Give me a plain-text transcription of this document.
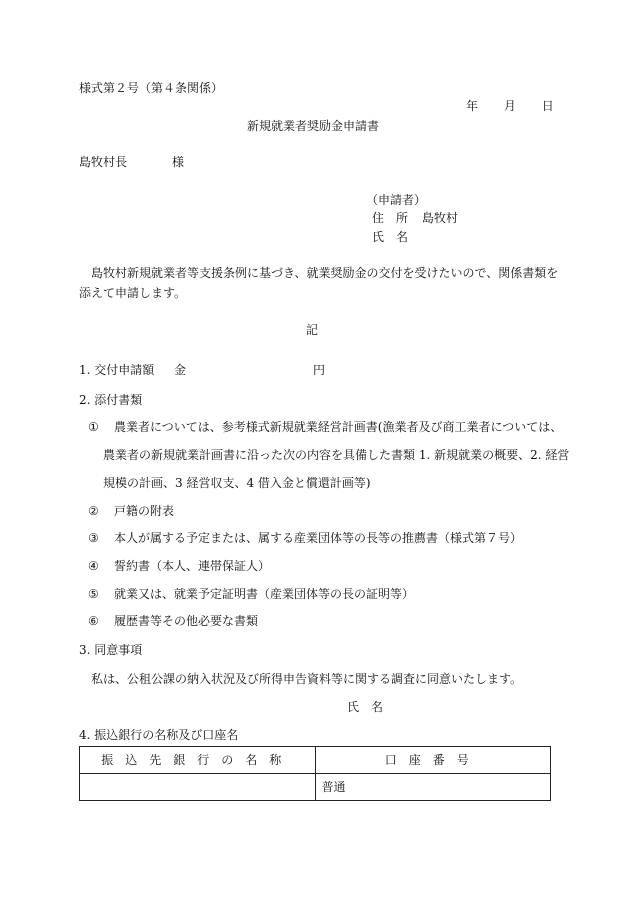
様式第２号（第４条関係）
年 月 日
新規就業者奨励金申請書
島牧村長	様
（申請者）
住　所 島牧村
氏　名
島牧村新規就業者等支援条例に基づき、就業奨励金の交付を受けたいので、関係書類を
添えて申請します。
記
1. 交付申請額 金	円
2. 添付書類
① 農業者については、参考様式新規就業経営計画書(漁業者及び商工業者については、
農業者の新規就業計画書に沿った次の内容を具備した書類 1. 新規就業の概要、2. 経営
規模の計画、3 経営収支、4 借入金と償還計画等)
② 戸籍の附表
③ 本人が属する予定または、属する産業団体等の長等の推薦書（様式第７号）
④ 誓約書（本人、連帯保証人）
⑤ 就業又は、就業予定証明書（産業団体等の長の証明等）
⑥ 履歴書等その他必要な書類
3. 同意事項
私は、公租公課の納入状況及び所得申告資料等に関する調査に同意いたします。
氏　名
4. 振込銀行の名称及び口座名
振込先銀行の名称	口座番号
	普通
